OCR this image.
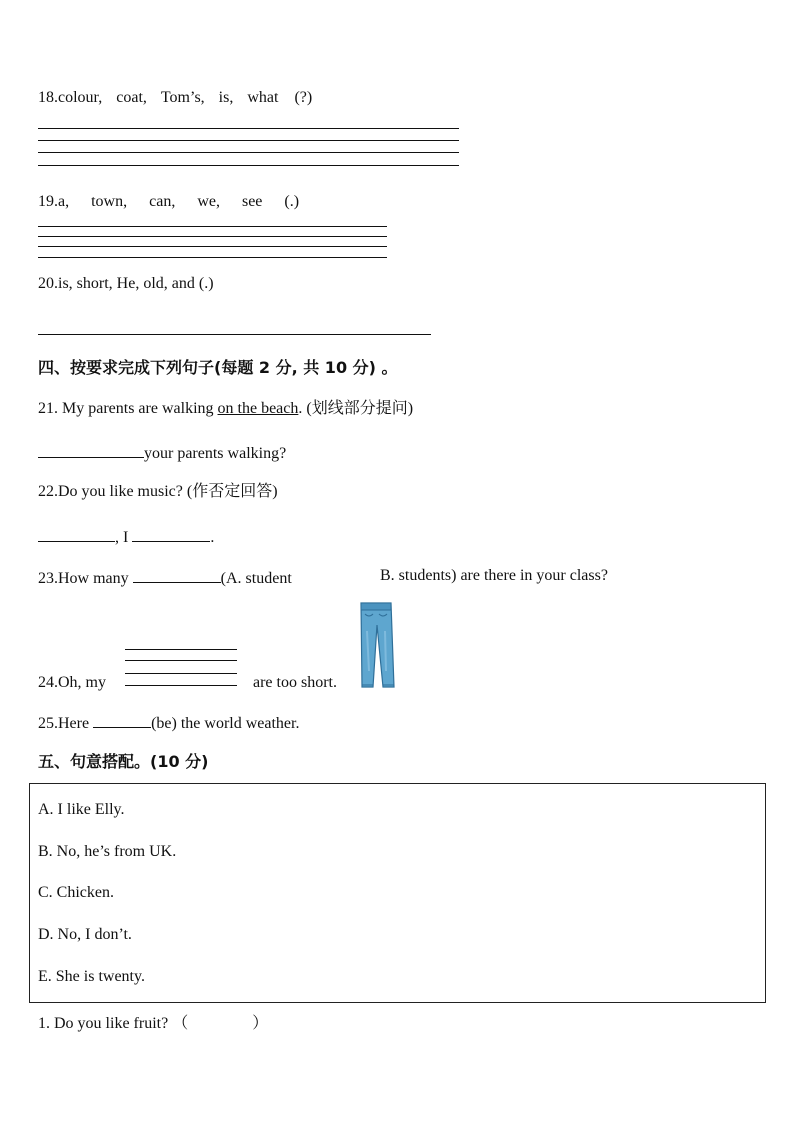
18.colour, coat, Tom’s, is, what (?)
19.a, town, can, we, see (.)
20.is, short, He, old, and (.)
四、按要求完成下列句子(每题 2 分, 共 10 分) 。
21. My parents are walking on the beach. (划线部分提问)
your parents walking?
22.Do you like music? (作否定回答)
, I	.
23.How many	(A. student	B. students) are there in your class?
24.Oh, my	are too short.
25.Here	(be) the world weather.
五、句意搭配。(10 分)
A. I like Elly.
B. No, he’s from UK.
C. Chicken.
D. No, I don’t.
E. She is twenty.
1. Do you like fruit? （　　　　）
